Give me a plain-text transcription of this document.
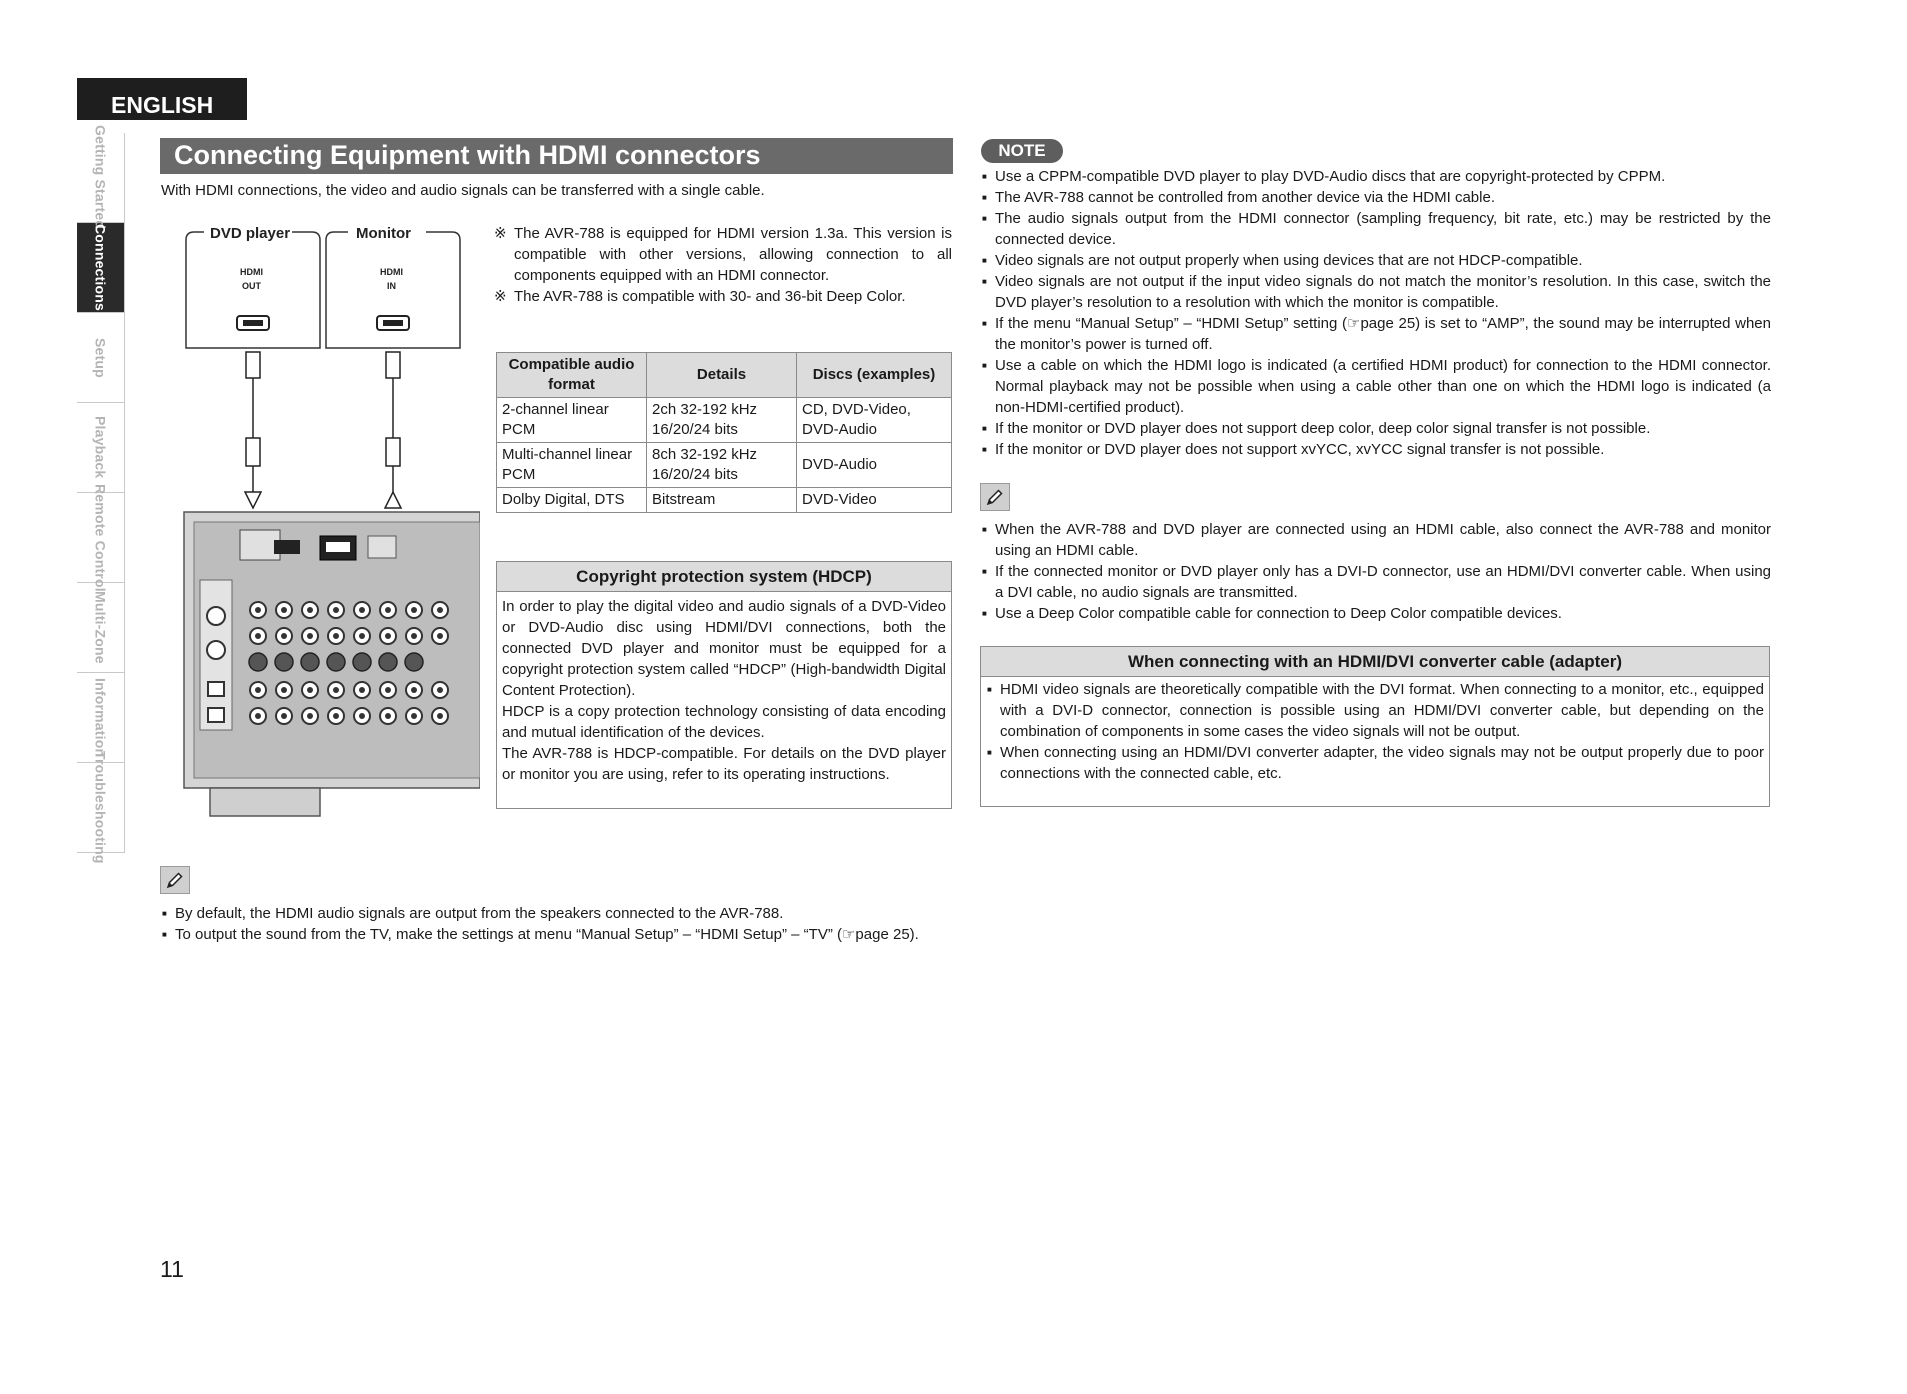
ENGLISH
Getting Started
Connections
Setup
Playback
Remote Control
Multi-Zone
Information
Troubleshooting
Connecting Equipment with HDMI connectors
With HDMI connections, the video and audio signals can be transferred with a single cable.
DVD player	Monitor
HDMI
OUT
HDMI
IN
※ The AVR-788 is equipped for HDMI version 1.3a. This version is compatible with other versions, allowing connection to all components equipped with an HDMI connector.
※ The AVR-788 is compatible with 30- and 36-bit Deep Color.
Compatible audio format	Details	Discs (examples)
2-channel linear PCM	2ch 32-192 kHz 16/20/24 bits	CD, DVD-Video, DVD-Audio
Multi-channel linear PCM	8ch 32-192 kHz 16/20/24 bits	DVD-Audio
Dolby Digital, DTS	Bitstream	DVD-Video
Copyright protection system (HDCP)
In order to play the digital video and audio signals of a DVD-Video or DVD-Audio disc using HDMI/DVI connections, both the connected DVD player and monitor must be equipped for a copyright protection system called “HDCP” (High-bandwidth Digital Content Protection).
HDCP is a copy protection technology consisting of data encoding and mutual identification of the devices.
The AVR-788 is HDCP-compatible. For details on the DVD player or monitor you are using, refer to its operating instructions.
■ By default, the HDMI audio signals are output from the speakers connected to the AVR-788.
■ To output the sound from the TV, make the settings at menu “Manual Setup” – “HDMI Setup” – “TV” (☞page 25).
NOTE
■ Use a CPPM-compatible DVD player to play DVD-Audio discs that are copyright-protected by CPPM.
■ The AVR-788 cannot be controlled from another device via the HDMI cable.
■ The audio signals output from the HDMI connector (sampling frequency, bit rate, etc.) may be restricted by the connected device.
■ Video signals are not output properly when using devices that are not HDCP-compatible.
■ Video signals are not output if the input video signals do not match the monitor’s resolution. In this case, switch the DVD player’s resolution to a resolution with which the monitor is compatible.
■ If the menu “Manual Setup” – “HDMI Setup” setting (☞page 25) is set to “AMP”, the sound may be interrupted when the monitor’s power is turned off.
■ Use a cable on which the HDMI logo is indicated (a certified HDMI product) for connection to the HDMI connector. Normal playback may not be possible when using a cable other than one on which the HDMI logo is indicated (a non-HDMI-certified product).
■ If the monitor or DVD player does not support deep color, deep color signal transfer is not possible.
■ If the monitor or DVD player does not support xvYCC, xvYCC signal transfer is not possible.
■ When the AVR-788 and DVD player are connected using an HDMI cable, also connect the AVR-788 and monitor using an HDMI cable.
■ If the connected monitor or DVD player only has a DVI-D connector, use an HDMI/DVI converter cable. When using a DVI cable, no audio signals are transmitted.
■ Use a Deep Color compatible cable for connection to Deep Color compatible devices.
When connecting with an HDMI/DVI converter cable (adapter)
■ HDMI video signals are theoretically compatible with the DVI format. When connecting to a monitor, etc., equipped with a DVI-D connector, connection is possible using an HDMI/DVI converter cable, but depending on the combination of components in some cases the video signals will not be output.
■ When connecting using an HDMI/DVI converter adapter, the video signals may not be output properly due to poor connections with the connected cable, etc.
11
